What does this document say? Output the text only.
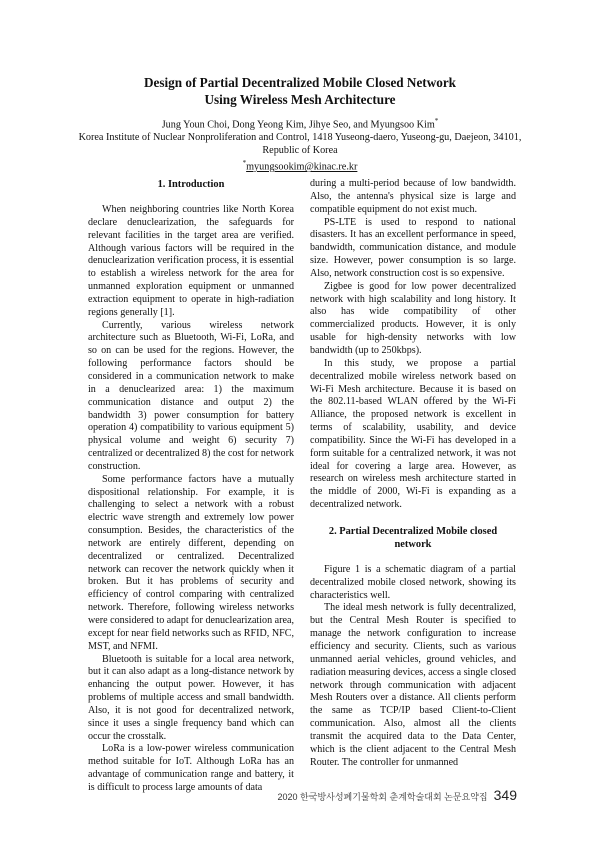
Design of Partial Decentralized Mobile Closed Network
Using Wireless Mesh Architecture
Jung Youn Choi, Dong Yeong Kim, Jihye Seo, and Myungsoo Kim*
Korea Institute of Nuclear Nonproliferation and Control, 1418 Yuseong-daero, Yuseong-gu, Daejeon, 34101,
Republic of Korea
*myungsookim@kinac.re.kr
1. Introduction

When neighboring countries like North Korea declare denuclearization, the safeguards for relevant facilities in the target area are verified. Although various factors will be required in the denuclearization verification process, it is essential to establish a wireless network for the area for unmanned exploration equipment or unmanned extraction equipment to operate in high-radiation regions generally [1].

Currently, various wireless network architecture such as Bluetooth, Wi-Fi, LoRa, and so on can be used for the regions. However, the following performance factors should be considered in a communication network to make in a denuclearized area: 1) the maximum communication distance and output 2) the bandwidth 3) power consumption for battery operation 4) compatibility to various equipment 5) physical volume and weight 6) security 7) centralized or decentralized 8) the cost for network construction.

Some performance factors have a mutually dispositional relationship. For example, it is challenging to select a network with a robust electric wave strength and extremely low power consumption. Besides, the characteristics of the network are entirely different, depending on decentralized or centralized. Decentralized network can recover the network quickly when it broken. But it has problems of security and efficiency of control comparing with centralized network. Therefore, following wireless networks were considered to adapt for denuclearization area, except for near field networks such as RFID, NFC, MST, and NFMI.

Bluetooth is suitable for a local area network, but it can also adapt as a long-distance network by enhancing the output power. However, it has problems of multiple access and small bandwidth. Also, it is not good for decentralized network, since it uses a single frequency band which can occur the crosstalk.

LoRa is a low-power wireless communication method suitable for IoT. Although LoRa has an advantage of communication range and battery, it is difficult to process large amounts of data

during a multi-period because of low bandwidth. Also, the antenna's physical size is large and compatible equipment do not exist much.

PS-LTE is used to respond to national disasters. It has an excellent performance in speed, bandwidth, communication distance, and module size. However, power consumption is so large. Also, network construction cost is so expensive.

Zigbee is good for low power decentralized network with high scalability and long history. It also has wide compatibility of other commercialized products. However, it is only usable for high-density networks with low bandwidth (up to 250kbps).

In this study, we propose a partial decentralized mobile wireless network based on Wi-Fi Mesh architecture. Because it is based on the 802.11-based WLAN offered by the Wi-Fi Alliance, the proposed network is excellent in terms of scalability, usability, and device compatibility. Since the Wi-Fi has developed in a form suitable for a centralized network, it was not ideal for covering a large area. However, as research on wireless mesh architecture started in the middle of 2000, Wi-Fi is expanding as a decentralized network.

2. Partial Decentralized Mobile closed
network

Figure 1 is a schematic diagram of a partial decentralized mobile closed network, showing its characteristics well.

The ideal mesh network is fully decentralized, but the Central Mesh Router is specified to manage the network configuration to increase efficiency and security. Clients, such as various unmanned aerial vehicles, ground vehicles, and radiation measuring devices, access a single closed network through communication with adjacent Mesh Routers over a distance. All clients perform the same as TCP/IP based Client-to-Client communication. Also, almost all the clients transmit the acquired data to the Data Center, which is the client adjacent to the Central Mesh Router. The controller for unmanned

2020 한국방사성폐기물학회 춘계학술대회 논문요약집 349
